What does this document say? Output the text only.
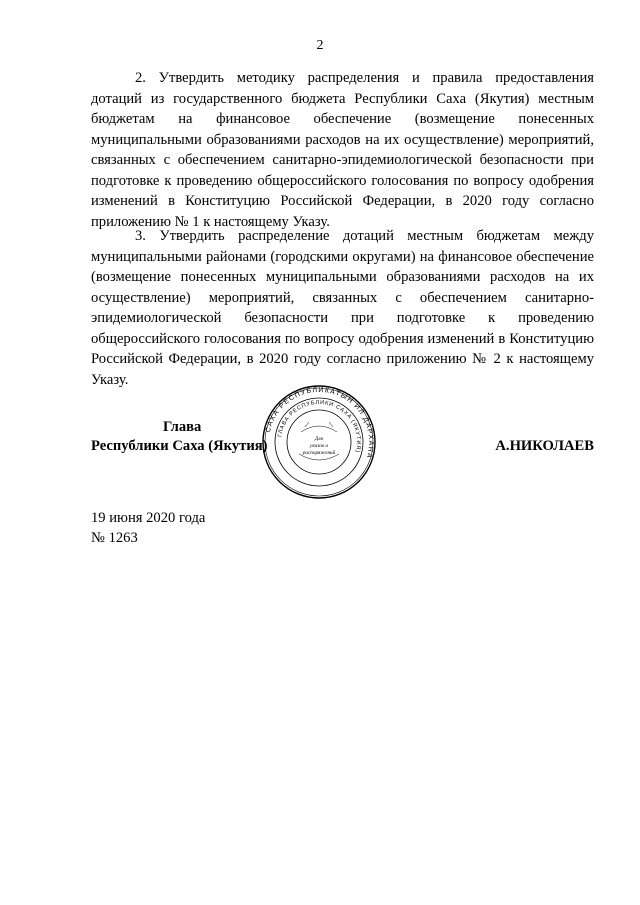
2

2. Утвердить методику распределения и правила предоставления дотаций из государственного бюджета Республики Саха (Якутия) местным бюджетам на финансовое обеспечение (возмещение понесенных муниципальными образованиями расходов на их осуществление) мероприятий, связанных с обеспечением санитарно-эпидемиологической безопасности при подготовке к проведению общероссийского голосования по вопросу одобрения изменений в Конституцию Российской Федерации, в 2020 году согласно приложению № 1 к настоящему Указу.

3. Утвердить распределение дотаций местным бюджетам между муниципальными районами (городскими округами) на финансовое обеспечение (возмещение понесенных муниципальными образованиями расходов на их осуществление) мероприятий, связанных с обеспечением санитарно-эпидемиологической безопасности при подготовке к проведению общероссийского голосования по вопросу одобрения изменений в Конституцию Российской Федерации, в 2020 году согласно приложению № 2 к настоящему Указу.

Глава
Республики Саха (Якутия)	А.НИКОЛАЕВ
Для
указов и
распоряжений
САХА РЕСПУБЛИКАТЫН ИЛ ДАРХАНА
ГЛАВА РЕСПУБЛИКИ САХА (ЯКУТИЯ)
19 июня 2020 года
№ 1263
